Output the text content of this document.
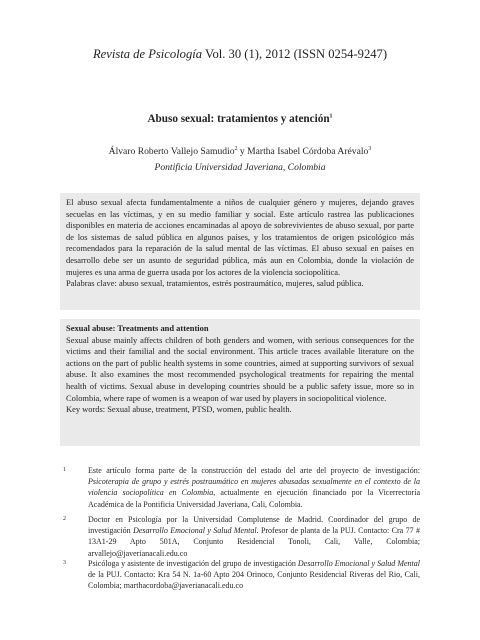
Revista de Psicología Vol. 30 (1), 2012 (ISSN 0254-9247)
Abuso sexual: tratamientos y atención$^1$
Álvaro Roberto Vallejo Samudio$^2$ y Martha Isabel Córdoba Arévalo$^3$
Pontificia Universidad Javeriana, Colombia

El abuso sexual afecta fundamentalmente a niños de cualquier género y mujeres, dejando graves secuelas en las víctimas, y en su medio familiar y social. Este artículo rastrea las publicaciones disponibles en materia de acciones encaminadas al apoyo de sobrevivientes de abuso sexual, por parte de los sistemas de salud pública en algunos países, y los tratamientos de origen psicológico más recomendados para la reparación de la salud mental de las víctimas. El abuso sexual en países en desarrollo debe ser un asunto de seguridad pública, más aun en Colombia, donde la violación de mujeres es una arma de guerra usada por los actores de la violencia sociopolítica.

Palabras clave: abuso sexual, tratamientos, estrés postraumático, mujeres, salud pública.

Sexual abuse: Treatments and attention

Sexual abuse mainly affects children of both genders and women, with serious consequences for the victims and their familial and the social environment. This article traces available literature on the actions on the part of public health systems in some countries, aimed at supporting survivors of sexual abuse. It also examines the most recommended psychological treatments for repairing the mental health of victims. Sexual abuse in developing countries should be a public safety issue, more so in Colombia, where rape of women is a weapon of war used by players in sociopolitical violence.

Key words: Sexual abuse, treatment, PTSD, women, public health.

1	Este artículo forma parte de la construcción del estado del arte del proyecto de investigación: Psicoterapia de grupo y estrés postraumático en mujeres abusadas sexualmente en el contexto de la violencia sociopolítica en Colombia, actualmente en ejecución financiado por la Vicerrectoría Académica de la Pontificia Universidad Javeriana, Cali, Colombia.
2	Doctor en Psicología por la Universidad Complutense de Madrid. Coordinador del grupo de investigación Desarrollo Emocional y Salud Mental. Profesor de planta de la PUJ. Contacto: Cra 77 # 13A1-29 Apto 501A, Conjunto Residencial Tonoli, Cali, Valle, Colombia; arvallejo@javerianacali.edu.co
3	Psicóloga y asistente de investigación del grupo de investigación Desarrollo Emocional y Salud Mental de la PUJ. Contacto: Kra 54 N. 1a-60 Apto 204 Orinoco, Conjunto Residencial Riveras del Rio, Cali, Colombia; marthacordoba@javerianacali.edu.co
